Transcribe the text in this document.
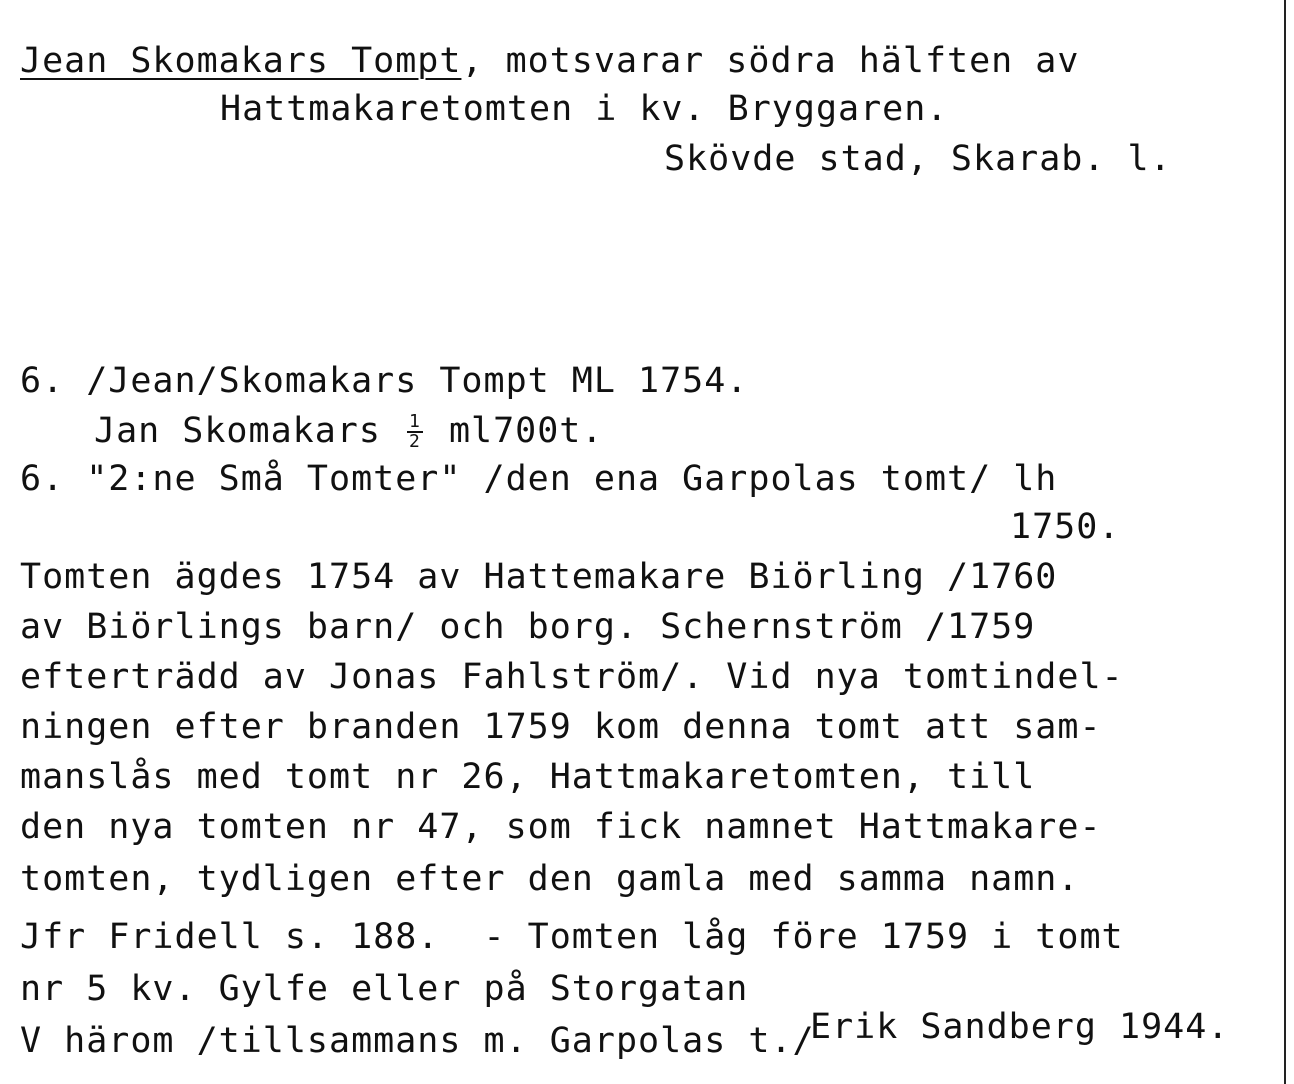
Jean Skomakars Tompt, motsvarar södra hälften av
Hattmakaretomten i kv. Bryggaren.
Skövde stad, Skarab. l.
6. /Jean/Skomakars Tompt ML 1754.
Jan Skomakars $\frac{1}{2} ml700t$.
6. "2:ne Små Tomter" /den ena Garpolas tomt/ lh
1750.
Tomten ägdes 1754 av Hattemakare Biörling /1760
av Biörlings barn/ och borg. Schernström /1759
efterträdd av Jonas Fahlström/. Vid nya tomtindel-
ningen efter branden 1759 kom denna tomt att sam-
manslås med tomt nr 26, Hattmakaretomten, till
den nya tomten nr 47, som fick namnet Hattmakare-
tomten, tydligen efter den gamla med samma namn.
Jfr Fridell s. 188.  - Tomten låg före 1759 i tomt
nr 5 kv. Gylfe eller på Storgatan
V härom /tillsammans m. Garpolas t./
Erik Sandberg 1944.
